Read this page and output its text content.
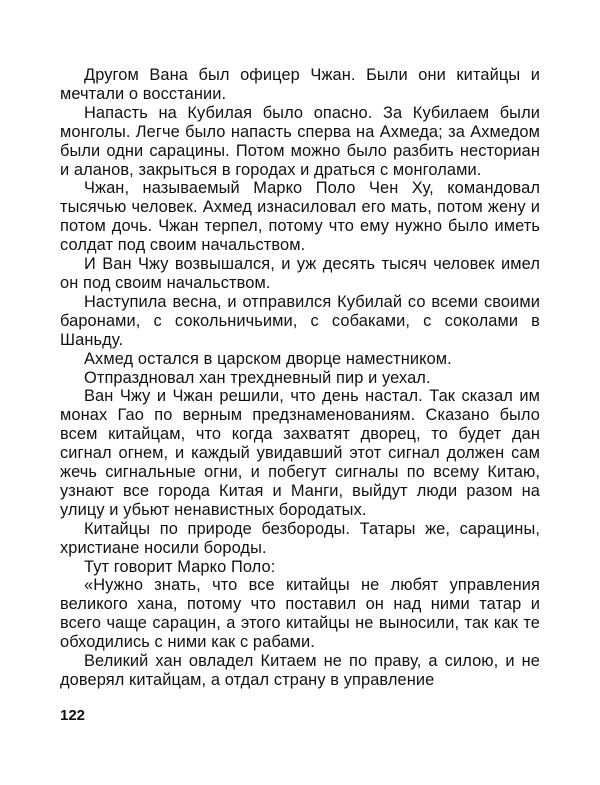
Другом Вана был офицер Чжан. Были они китайцы и мечтали о восстании.

Напасть на Кубилая было опасно. За Кубилаем были монголы. Легче было напасть сперва на Ахмеда; за Ахмедом были одни сарацины. Потом можно было разбить несториан и аланов, закрыться в городах и драться с монголами.

Чжан, называемый Марко Поло Чен Ху, командовал тысячью человек. Ахмед изнасиловал его мать, потом жену и потом дочь. Чжан терпел, потому что ему нужно было иметь солдат под своим начальством.

И Ван Чжу возвышался, и уж десять тысяч человек имел он под своим начальством.

Наступила весна, и отправился Кубилай со всеми своими баронами, с сокольничьими, с собаками, с соколами в Шаньду.

Ахмед остался в царском дворце наместником.

Отпраздновал хан трехдневный пир и уехал.

Ван Чжу и Чжан решили, что день настал. Так сказал им монах Гао по верным предзнаменованиям. Сказано было всем китайцам, что когда захватят дворец, то будет дан сигнал огнем, и каждый увидавший этот сигнал должен сам жечь сигнальные огни, и побегут сигналы по всему Китаю, узнают все города Китая и Манги, выйдут люди разом на улицу и убьют ненавистных бородатых.

Китайцы по природе безбороды. Татары же, сарацины, христиане носили бороды.

Тут говорит Марко Поло:

«Нужно знать, что все китайцы не любят управления великого хана, потому что поставил он над ними татар и всего чаще сарацин, а этого китайцы не выносили, так как те обходились с ними как с рабами.

Великий хан овладел Китаем не по праву, а силою, и не доверял китайцам, а отдал страну в управление

122
